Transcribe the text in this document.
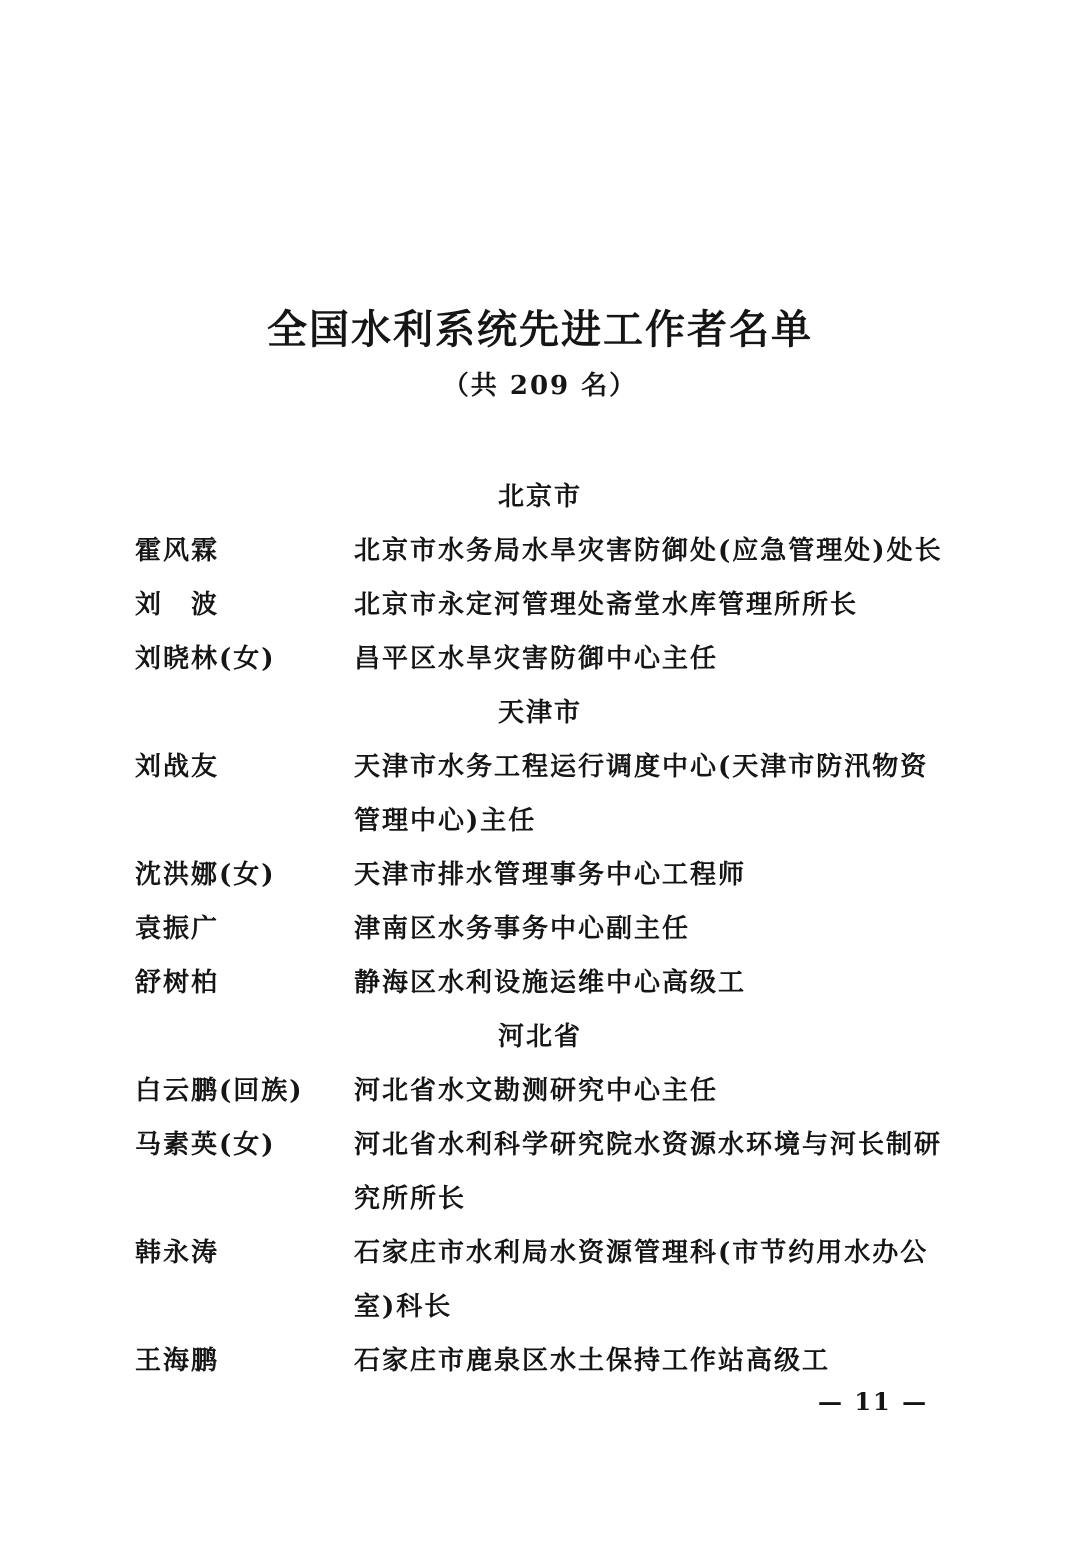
全国水利系统先进工作者名单
（共 209 名）
北京市
霍风霖	北京市水务局水旱灾害防御处(应急管理处)处长
刘　波	北京市永定河管理处斋堂水库管理所所长
刘晓林(女)	昌平区水旱灾害防御中心主任
天津市
刘战友	天津市水务工程运行调度中心(天津市防汛物资管理中心)主任
沈洪娜(女)	天津市排水管理事务中心工程师
袁振广	津南区水务事务中心副主任
舒树柏	静海区水利设施运维中心高级工
河北省
白云鹏(回族) 河北省水文勘测研究中心主任
马素英(女)	河北省水利科学研究院水资源水环境与河长制研究所所长
韩永涛	石家庄市水利局水资源管理科(市节约用水办公室)科长
王海鹏	石家庄市鹿泉区水土保持工作站高级工
— 11 —
